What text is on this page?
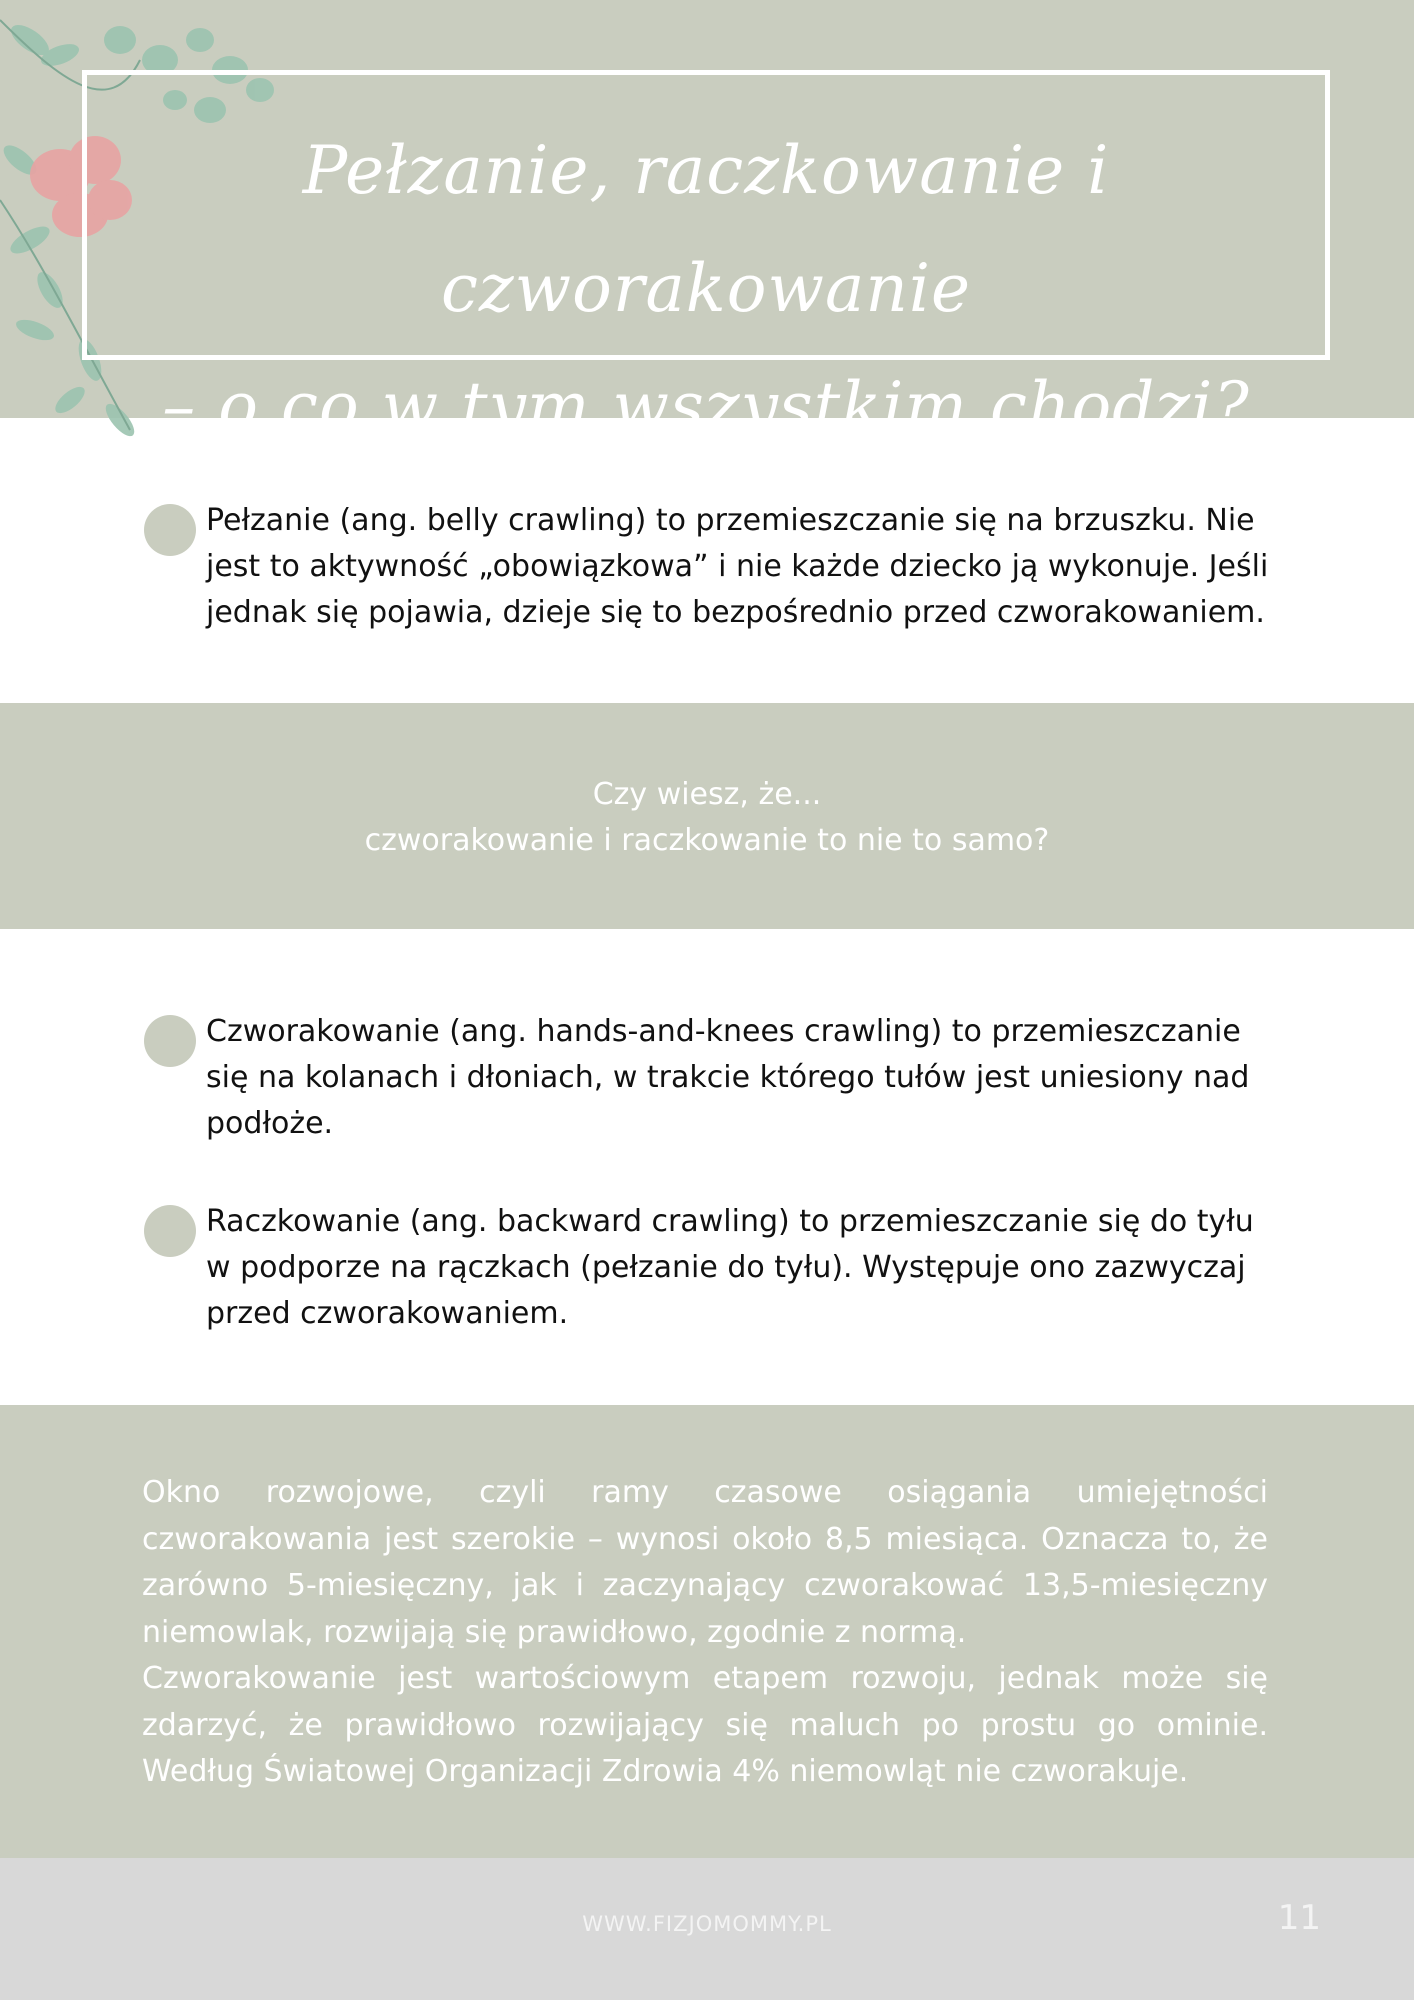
Pełzanie, raczkowanie i czworakowanie
– o co w tym wszystkim chodzi?

Pełzanie (ang. belly crawling) to przemieszczanie się na brzuszku. Nie jest to aktywność „obowiązkowa” i nie każde dziecko ją wykonuje. Jeśli jednak się pojawia, dzieje się to bezpośrednio przed czworakowaniem.

Czy wiesz, że...
czworakowanie i raczkowanie to nie to samo?

Czworakowanie (ang. hands-and-knees crawling) to przemieszczanie się na kolanach i dłoniach, w trakcie którego tułów jest uniesiony nad podłoże.

Raczkowanie (ang. backward crawling) to przemieszczanie się do tyłu w podporze na rączkach (pełzanie do tyłu). Występuje ono zazwyczaj przed czworakowaniem.

Okno rozwojowe, czyli ramy czasowe osiągania umiejętności czworakowania jest szerokie – wynosi około 8,5 miesiąca. Oznacza to, że zarówno 5-miesięczny, jak i zaczynający czworakować 13,5-miesięczny niemowlak, rozwijają się prawidłowo, zgodnie z normą.

Czworakowanie jest wartościowym etapem rozwoju, jednak może się zdarzyć, że prawidłowo rozwijający się maluch po prostu go ominie. Według Światowej Organizacji Zdrowia 4% niemowląt nie czworakuje.

WWW.FIZJOMOMMY.PL	11
